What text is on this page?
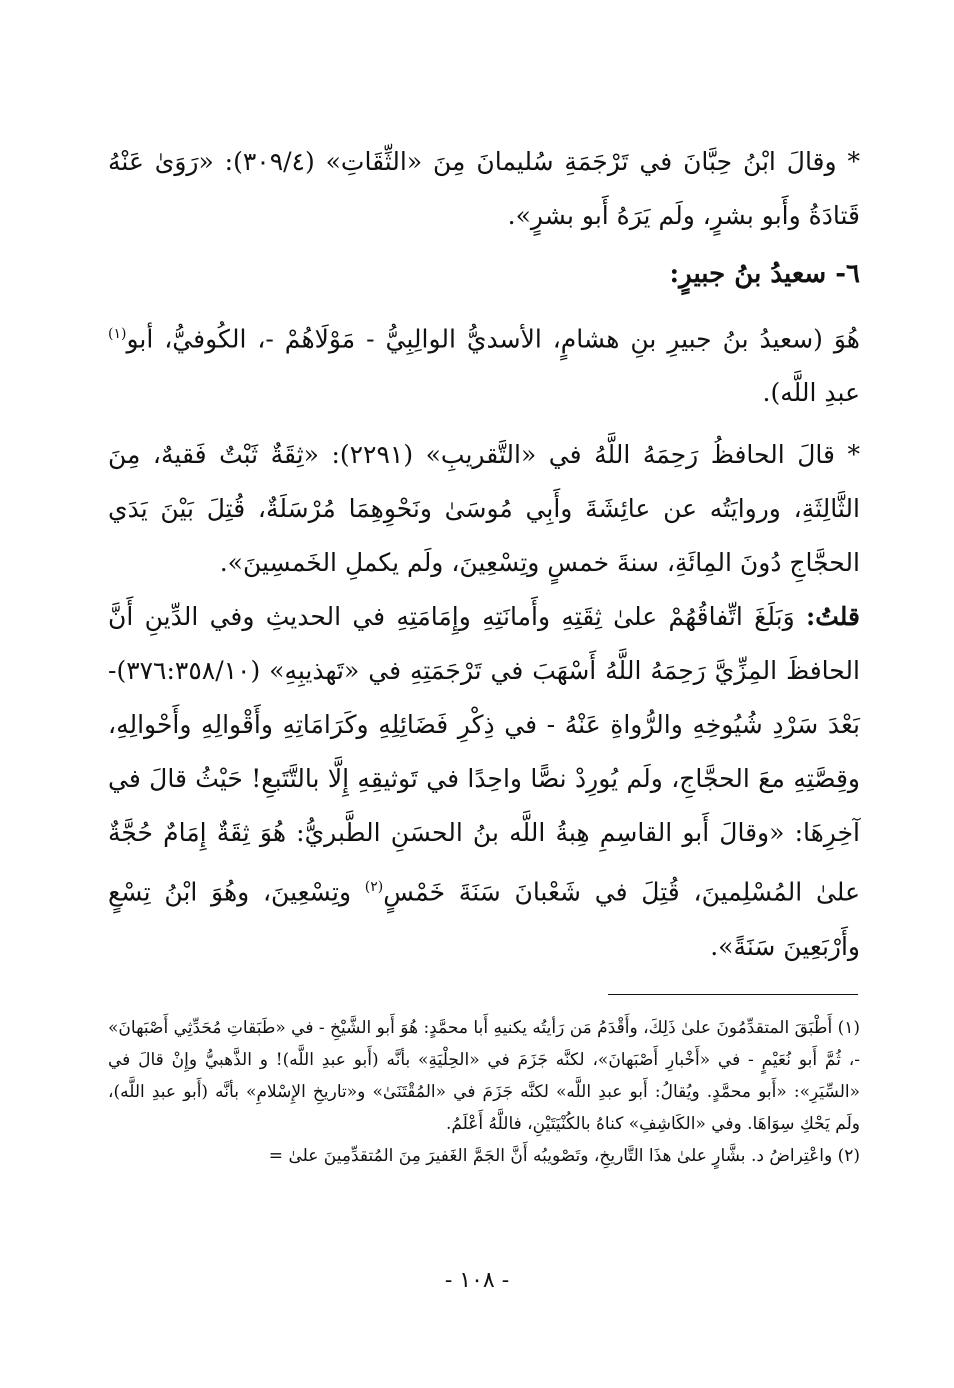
* وقالَ ابْنُ حِبَّانَ في تَرْجَمَةِ سُليمانَ مِنَ «الثِّقَاتِ» (٣٠٩/٤): «رَوَىٰ عَنْهُ قَتادَةُ وأَبو بشرٍ، ولَم يَرَهُ أَبو بشرٍ».

٦- سعيدُ بنُ جبيرٍ:

هُوَ (سعيدُ بنُ جبيرِ بنِ هشامٍ، الأسديُّ الوالِبِيُّ - مَوْلَاهُمْ -، الكُوفيُّ، أبو$^{(١)}$ عبدِ اللَّه).

* قالَ الحافظُ رَحِمَهُ اللَّهُ في «التَّقريبِ» (٢٢٩١): «ثِقَةٌ ثَبْتٌ فَقيهٌ، مِنَ الثَّالِثَةِ، وروايَتُه عن عائِشَةَ وأَبِي مُوسَىٰ ونَحْوِهِمَا مُرْسَلَةٌ، قُتِلَ بَيْنَ يَدَي الحجَّاجِ دُونَ المِائَةِ، سنةَ خمسٍ وتِسْعِينَ، ولَم يكملِ الخَمسِينَ».

قلتُ: وَبَلَغَ اتِّفاقُهُمْ علىٰ ثِقَتِهِ وأَمانَتِهِ وإِمَامَتِهِ في الحديثِ وفي الدِّينِ أَنَّ الحافظَ المِزِّيَّ رَحِمَهُ اللَّهُ أَسْهَبَ في تَرْجَمَتِهِ في «تَهذيبِهِ» (٣٧٦:٣٥٨/١٠)- بَعْدَ سَرْدِ شُيُوخِهِ والرُّواةِ عَنْهُ - في ذِكْرِ فَضَائِلِهِ وكَرَامَاتِهِ وأَقْوالِهِ وأَحْوالِهِ، وقِصَّتِهِ معَ الحجَّاجِ، ولَم يُورِدْ نصًّا واحِدًا في تَوثيقِهِ إِلَّا بالتَّتَبعِ! حَيْثُ قالَ في آخِرِهَا: «وقالَ أَبو القاسِمِ هِبةُ اللَّه بنُ الحسَنِ الطَّبريُّ: هُوَ ثِقَةٌ إِمَامٌ حُجَّةٌ علىٰ المُسْلِمينَ، قُتِلَ في شَعْبانَ سَنَةَ خَمْسٍ$^{(٢)}$ وتِسْعِينَ، وهُوَ ابْنُ تِسْعٍ وأَرْبَعِينَ سَنَةً».

(١) أَطْبَقَ المتقدِّمُونَ علىٰ ذَلِكَ، وأَقْدَمُ مَن رَأيتُه يكنيهِ أَبا محمَّدٍ: هُوَ أَبو الشَّيْخِ - في «طَبَقاتِ مُحَدِّثِي أَصْبَهانَ» -، ثُمَّ أَبو نُعَيْمٍ - في «أَخْبارِ أَصْبَهانَ»، لكنَّه جَزَمَ في «الحِلْيَةِ» بأنَّه (أَبو عبدِ اللَّه)! و الذَّهبيُّ وإِنْ قالَ في «السِّيَرِ»: «أَبو محمَّدٍ. ويُقالُ: أَبو عبدِ اللَّه» لكنَّه جَزَمَ في «المُقْتَنَىٰ» و«تاريخِ الإِسْلامِ» بأنَّه (أَبو عبدِ اللَّه)، ولَم يَحْكِ سِوَاهَا. وفي «الكَاشِفِ» كناهُ بالكُنْيَتَيْنِ، فاللَّهُ أَعْلَمُ.

(٢) واعْتِراضُ د. بشَّارٍ علىٰ هذَا التَّاريخِ، وتَصْويبُه أَنَّ الجَمَّ الغَفيرَ مِنَ المُتقدِّمِينَ علىٰ =

- ١٠٨ -
